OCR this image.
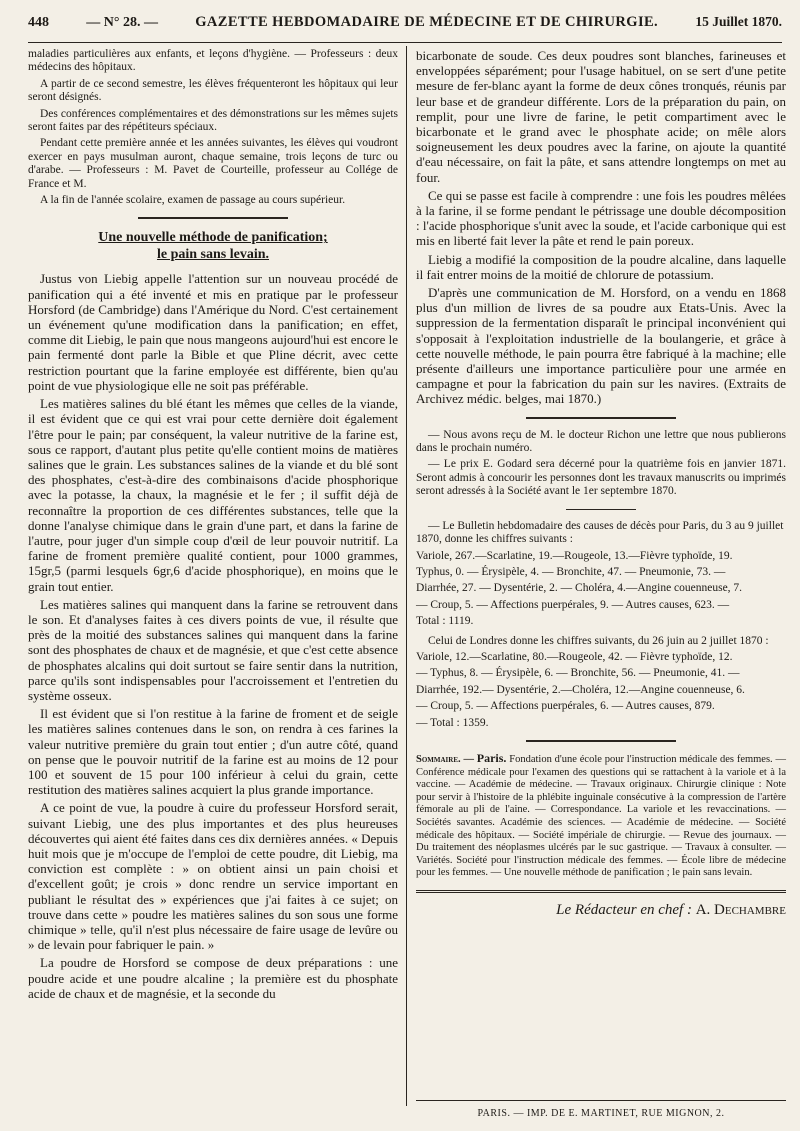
448	— N° 28. —	GAZETTE HEBDOMADAIRE DE MÉDECINE ET DE CHIRURGIE.	15 Juillet 1870.

maladies particulières aux enfants, et leçons d'hygiène. — Professeurs : deux médecins des hôpitaux.

A partir de ce second semestre, les élèves fréquenteront les hôpitaux qui leur seront désignés.

Des conférences complémentaires et des démonstrations sur les mêmes sujets seront faites par des répétiteurs spéciaux.

Pendant cette première année et les années suivantes, les élèves qui voudront exercer en pays musulman auront, chaque semaine, trois leçons de turc ou d'arabe. — Professeurs : M. Pavet de Courteille, professeur au Collége de France et M.

A la fin de l'année scolaire, examen de passage au cours supérieur.

Une nouvelle méthode de panification;
le pain sans levain.

Justus von Liebig appelle l'attention sur un nouveau procédé de panification qui a été inventé et mis en pratique par le professeur Horsford (de Cambridge) dans l'Amérique du Nord. C'est certainement un événement qu'une modification dans la panification; en effet, comme dit Liebig, le pain que nous mangeons aujourd'hui est encore le pain fermenté dont parle la Bible et que Pline décrit, avec cette restriction pourtant que la farine employée est différente, bien qu'au point de vue physiologique elle ne soit pas préférable.

Les matières salines du blé étant les mêmes que celles de la viande, il est évident que ce qui est vrai pour cette dernière doit également l'être pour le pain; par conséquent, la valeur nutritive de la farine est, sous ce rapport, d'autant plus petite qu'elle contient moins de matières salines que le grain. Les substances salines de la viande et du blé sont des phosphates, c'est-à-dire des combinaisons d'acide phosphorique avec la potasse, la chaux, la magnésie et le fer ; il suffit déjà de reconnaître la proportion de ces différentes substances, telle que la donne l'analyse chimique dans le grain d'une part, et dans la farine de l'autre, pour juger d'un simple coup d'œil de leur pouvoir nutritif. La farine de froment première qualité contient, pour 1000 grammes, 15gr,5 (parmi lesquels 6gr,6 d'acide phosphorique), en moins que le grain tout entier.

Les matières salines qui manquent dans la farine se retrouvent dans le son. Et d'analyses faites à ces divers points de vue, il résulte que près de la moitié des substances salines qui manquent dans la farine sont des phosphates de chaux et de magnésie, et que c'est cette absence de phosphates alcalins qui doit surtout se faire sentir dans la nutrition, parce qu'ils sont indispensables pour l'accroissement et l'entretien du système osseux.

Il est évident que si l'on restitue à la farine de froment et de seigle les matières salines contenues dans le son, on rendra à ces farines la valeur nutritive première du grain tout entier ; d'un autre côté, quand on pense que le pouvoir nutritif de la farine est au moins de 12 pour 100 et souvent de 15 pour 100 inférieur à celui du grain, cette restitution des matières salines acquiert la plus grande importance.

A ce point de vue, la poudre à cuire du professeur Horsford serait, suivant Liebig, une des plus importantes et des plus heureuses découvertes qui aient été faites dans ces dix dernières années. « Depuis huit mois que je m'occupe de l'emploi de cette poudre, dit Liebig, ma conviction est complète : » on obtient ainsi un pain choisi et d'excellent goût; je crois » donc rendre un service important en publiant le résultat des » expériences que j'ai faites à ce sujet; on trouve dans cette » poudre les matières salines du son sous une forme chimique » telle, qu'il n'est plus nécessaire de faire usage de levûre ou » de levain pour fabriquer le pain. »

La poudre de Horsford se compose de deux préparations : une poudre acide et une poudre alcaline ; la première est du phosphate acide de chaux et de magnésie, et la seconde du

bicarbonate de soude. Ces deux poudres sont blanches, farineuses et enveloppées séparément; pour l'usage habituel, on se sert d'une petite mesure de fer-blanc ayant la forme de deux cônes tronqués, réunis par leur base et de grandeur différente. Lors de la préparation du pain, on remplit, pour une livre de farine, le petit compartiment avec le bicarbonate et le grand avec le phosphate acide; on mêle alors soigneusement les deux poudres avec la farine, on ajoute la quantité d'eau nécessaire, on fait la pâte, et sans attendre longtemps on met au four.

Ce qui se passe est facile à comprendre : une fois les poudres mêlées à la farine, il se forme pendant le pétrissage une double décomposition : l'acide phosphorique s'unit avec la soude, et l'acide carbonique qui est mis en liberté fait lever la pâte et rend le pain poreux.

Liebig a modifié la composition de la poudre alcaline, dans laquelle il fait entrer moins de la moitié de chlorure de potassium.

D'après une communication de M. Horsford, on a vendu en 1868 plus d'un million de livres de sa poudre aux Etats-Unis. Avec la suppression de la fermentation disparaît le principal inconvénient qui s'opposait à l'exploitation industrielle de la boulangerie, et grâce à cette nouvelle méthode, le pain pourra être fabriqué à la machine; elle présente d'ailleurs une importance particulière pour une armée en campagne et pour la fabrication du pain sur les navires. (Extraits de Archivez médic. belges, mai 1870.)

— Nous avons reçu de M. le docteur Richon une lettre que nous publierons dans le prochain numéro.

— Le prix E. Godard sera décerné pour la quatrième fois en janvier 1871. Seront admis à concourir les personnes dont les travaux manuscrits ou imprimés seront adressés à la Société avant le 1er septembre 1870.

— Le Bulletin hebdomadaire des causes de décès pour Paris, du 3 au 9 juillet 1870, donne les chiffres suivants :

Variole, 267.—Scarlatine, 19.—Rougeole, 13.—Fièvre typhoïde, 19.

Typhus, 0. — Érysipèle, 4. — Bronchite, 47. — Pneumonie, 73. —

Diarrhée, 27. — Dysentérie, 2. — Choléra, 4.—Angine couenneuse, 7.

— Croup, 5. — Affections puerpérales, 9. — Autres causes, 623. —

Total : 1119.

Celui de Londres donne les chiffres suivants, du 26 juin au 2 juillet 1870 :

Variole, 12.—Scarlatine, 80.—Rougeole, 42. — Fièvre typhoïde, 12.

— Typhus, 8. — Érysipèle, 6. — Bronchite, 56. — Pneumonie, 41. —

Diarrhée, 192.— Dysentérie, 2.—Choléra, 12.—Angine couenneuse, 6.

— Croup, 5. — Affections puerpérales, 6. — Autres causes, 879.

— Total : 1359.

Sommaire. — Paris. Fondation d'une école pour l'instruction médicale des femmes. —Conférence médicale pour l'examen des questions qui se rattachent à la variole et à la vaccine. — Académie de médecine. — Travaux originaux. Chirurgie clinique : Note pour servir à l'histoire de la phlébite inguinale consécutive à la compression de l'artère fémorale au pli de l'aine. — Correspondance. La variole et les revaccinations. — Sociétés savantes. Académie des sciences. — Académie de médecine. — Société médicale des hôpitaux. — Société impériale de chirurgie. — Revue des journaux. — Du traitement des néoplasmes ulcérés par le suc gastrique. — Travaux à consulter. — Variétés. Société pour l'instruction médicale des femmes. — École libre de médecine pour les femmes. — Une nouvelle méthode de panification ; le pain sans levain.

Le Rédacteur en chef : A. Dechambre
PARIS. — IMP. DE E. MARTINET, RUE MIGNON, 2.
